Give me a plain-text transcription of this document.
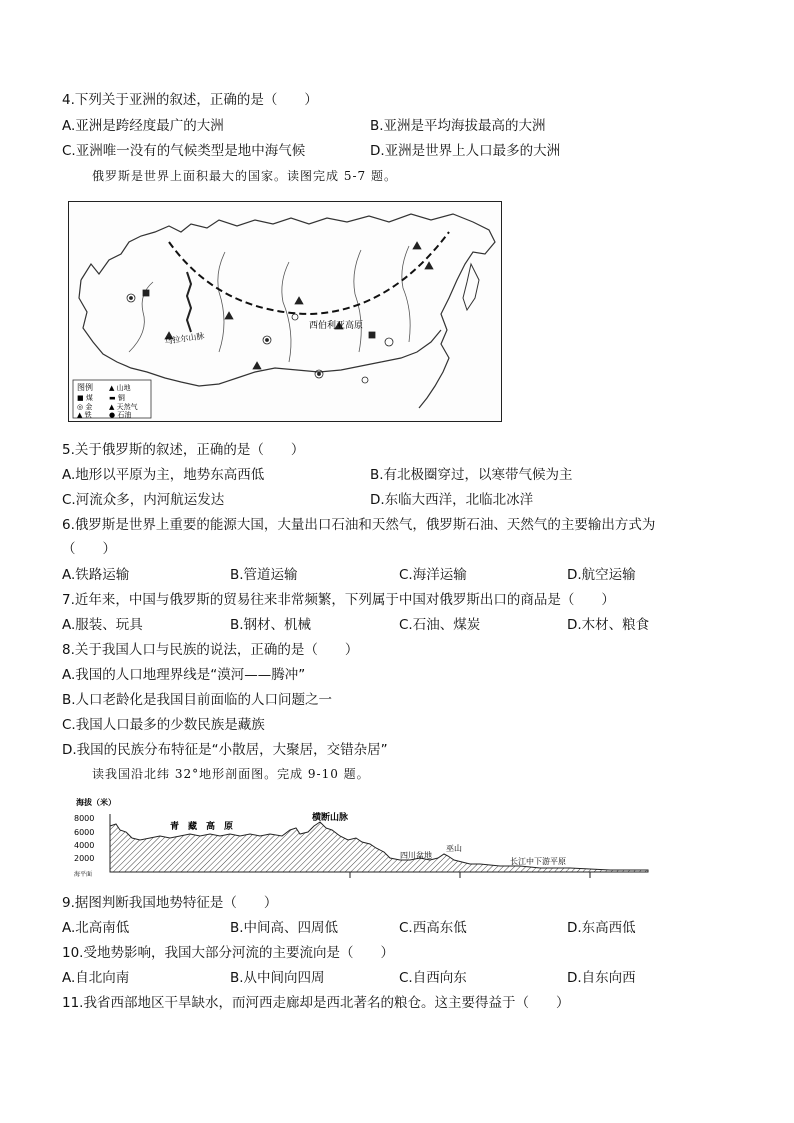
4.下列关于亚洲的叙述，正确的是（　　）
A.亚洲是跨经度最广的大洲	B.亚洲是平均海拔最高的大洲
C.亚洲唯一没有的气候类型是地中海气候	D.亚洲是世界上人口最多的大洲
俄罗斯是世界上面积最大的国家。读图完成 5-7 题。
西伯利亚高原
乌拉尔山脉
图例
■ 煤
◎ 金
▲ 铁
▲ 山地
▬ 铜
▲ 天然气
● 石油
5.关于俄罗斯的叙述，正确的是（　　）
A.地形以平原为主，地势东高西低	B.有北极圈穿过，以寒带气候为主
C.河流众多，内河航运发达	D.东临大西洋，北临北冰洋
6.俄罗斯是世界上重要的能源大国，大量出口石油和天然气，俄罗斯石油、天然气的主要输出方式为
（　　）
A.铁路运输	B.管道运输	C.海洋运输	D.航空运输
7.近年来，中国与俄罗斯的贸易往来非常频繁，下列属于中国对俄罗斯出口的商品是（　　）
A.服装、玩具	B.钢材、机械	C.石油、煤炭	D.木材、粮食
8.关于我国人口与民族的说法，正确的是（　　）
A.我国的人口地理界线是“漠河——腾冲”
B.人口老龄化是我国目前面临的人口问题之一
C.我国人口最多的少数民族是藏族
D.我国的民族分布特征是“小散居，大聚居，交错杂居”
读我国沿北纬 32°地形剖面图。完成 9-10 题。
海拔（米）
8000
6000
4000
2000
海平面
青　藏　高　原
横断山脉
四川盆地
巫山
长江中下游平原
9.据图判断我国地势特征是（　　）
A.北高南低	B.中间高、四周低	C.西高东低	D.东高西低
10.受地势影响，我国大部分河流的主要流向是（　　）
A.自北向南	B.从中间向四周	C.自西向东	D.自东向西
11.我省西部地区干旱缺水，而河西走廊却是西北著名的粮仓。这主要得益于（　　）
